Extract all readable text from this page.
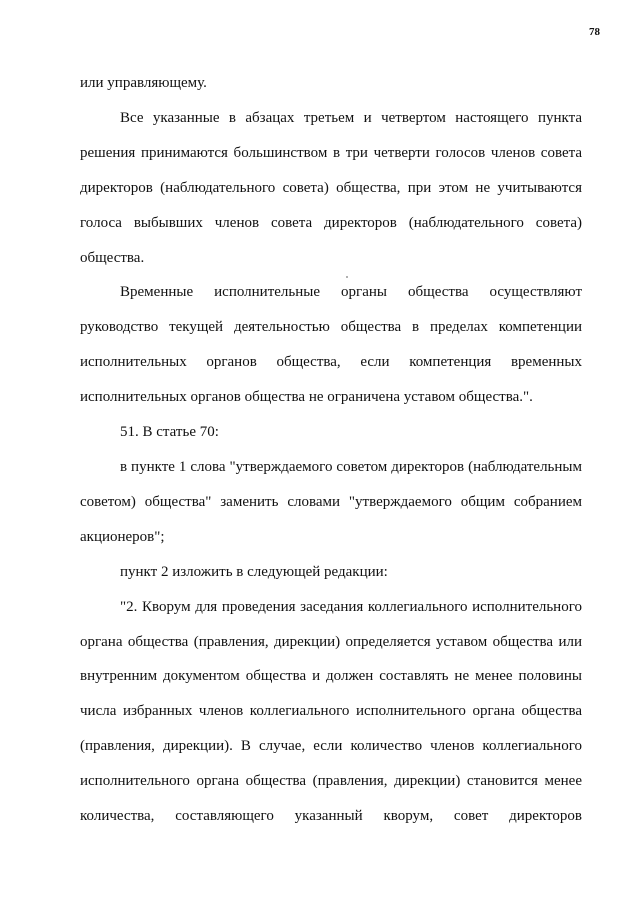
78

или управляющему.

Все указанные в абзацах третьем и четвертом настоящего пункта решения принимаются большинством в три четверти голосов членов совета директоров (наблюдательного совета) общества, при этом не учитываются голоса выбывших членов совета директоров (наблюдательного совета) общества.

Временные исполнительные органы общества осуществляют руководство текущей деятельностью общества в пределах компетенции исполнительных органов общества, если компетенция временных исполнительных органов общества не ограничена уставом общества.".

51. В статье 70:

в пункте 1 слова "утверждаемого советом директоров (наблюдательным советом) общества" заменить словами "утверждаемого общим собранием акционеров";

пункт 2 изложить в следующей редакции:

"2. Кворум для проведения заседания коллегиального исполнительного органа общества (правления, дирекции) определяется уставом общества или внутренним документом общества и должен составлять не менее половины числа избранных членов коллегиального исполнительного органа общества (правления, дирекции). В случае, если количество членов коллегиального исполнительного органа общества (правления, дирекции) становится менее количества, составляющего указанный кворум, совет директоров
